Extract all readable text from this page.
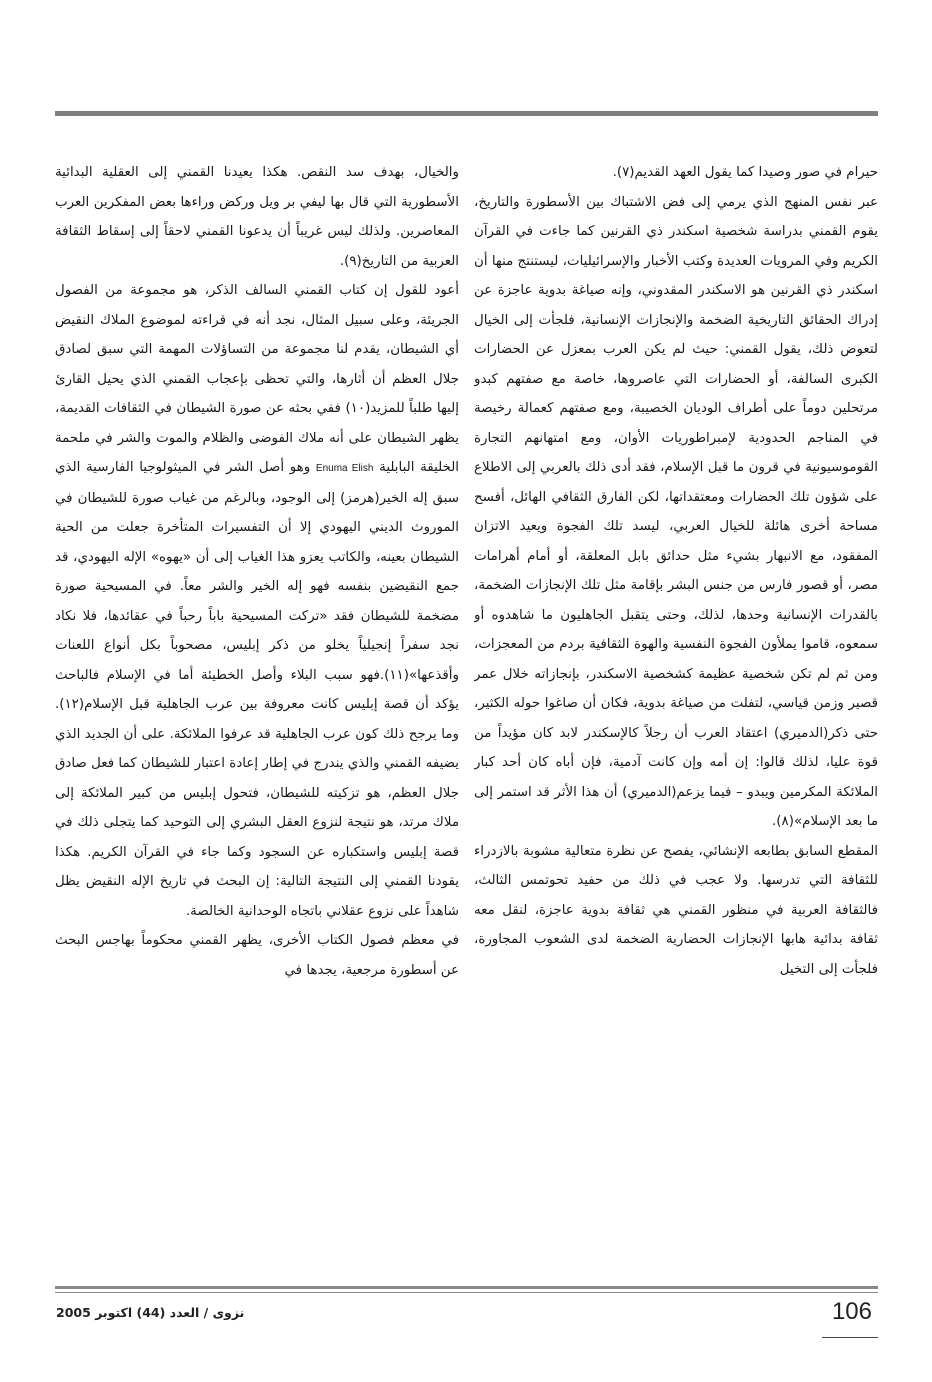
حيرام في صور وصيدا كما يقول العهد القديم(٧).

عبر نفس المنهج الذي يرمي إلى فض الاشتباك بين الأسطورة والتاريخ، يقوم القمني بدراسة شخصية اسكندر ذي القرنين كما جاءت في القرآن الكريم وفي المرويات العديدة وكتب الأخبار والإسرائيليات، ليستنتج منها أن اسكندر ذي القرنين هو الاسكندر المقدوني، وإنه صياغة بدوية عاجزة عن إدراك الحقائق التاريخية الضخمة والإنجازات الإنسانية، فلجأت إلى الخيال لتعوض ذلك، يقول القمني: حيث لم يكن العرب بمعزل عن الحضارات الكبرى السالفة، أو الحضارات التي عاصروها، خاصة مع صفتهم كبدو مرتحلين دوماً على أطراف الوديان الخصيبة، ومع صفتهم كعمالة رخيصة في المناجم الحدودية لإمبراطوريات الأوان، ومع امتهانهم التجارة القوموسيونية في قرون ما قبل الإسلام، فقد أدى ذلك بالعربي إلى الاطلاع على شؤون تلك الحضارات ومعتقداتها، لكن الفارق الثقافي الهائل، أفسح مساحة أخرى هائلة للخيال العربي، ليسد تلك الفجوة ويعيد الاتزان المفقود، مع الانبهار بشيء مثل حدائق بابل المعلقة، أو أمام أهرامات مصر، أو قصور فارس من جنس البشر بإقامة مثل تلك الإنجازات الضخمة، بالقدرات الإنسانية وحدها، لذلك، وحتى يتقبل الجاهليون ما شاهدوه أو سمعوه، قاموا يملأون الفجوة النفسية والهوة الثقافية بردم من المعجزات، ومن ثم لم تكن شخصية عظيمة كشخصية الاسكندر، بإنجازاته خلال عمر قصير وزمن قياسي، لتفلت من صياغة بدوية، فكان أن صاغوا حوله الكثير، حتى ذكر(الدميري) اعتقاد العرب أن رجلاً كالإسكندر لابد كان مؤيداً من قوة عليا، لذلك قالوا: إن أمه وإن كانت آدمية، فإن أباه كان أحد كبار الملائكة المكرمين ويبدو – فيما يزعم(الدميري) أن هذا الأثر قد استمر إلى ما بعد الإسلام»(٨).

المقطع السابق بطابعه الإنشائي، يفصح عن نظرة متعالية مشوبة بالازدراء للثقافة التي تدرسها. ولا عجب في ذلك من حفيد تحوتمس الثالث، فالثقافة العربية في منظور القمني هي ثقافة بدوية عاجزة، لنقل معه ثقافة بدائية هابها الإنجازات الحضارية الضخمة لدى الشعوب المجاورة، فلجأت إلى التخيل

والخيال، بهدف سد النقص. هكذا يعيدنا القمني إلى العقلية البدائية الأسطورية التي قال بها ليفي بر ويل وركض وراءها بعض المفكرين العرب المعاصرين. ولذلك ليس غريباً أن يدعونا القمني لاحقاً إلى إسقاط الثقافة العربية من التاريخ(٩).

أعود للقول إن كتاب القمني السالف الذكر، هو مجموعة من الفصول الجريئة، وعلى سبيل المثال، نجد أنه في قراءته لموضوع الملاك النقيض أي الشيطان، يقدم لنا مجموعة من التساؤلات المهمة التي سبق لصادق جلال العظم أن أثارها، والتي تحظى بإعجاب القمني الذي يحيل القارئ إليها طلباً للمزيد(١٠) ففي بحثه عن صورة الشيطان في الثقافات القديمة، يظهر الشيطان على أنه ملاك الفوضى والظلام والموت والشر في ملحمة الخليقة البابلية Enuma Elish وهو أصل الشر في الميثولوجيا الفارسية الذي سبق إله الخير(هرمز) إلى الوجود، وبالرغم من غياب صورة للشيطان في الموروث الديني اليهودي إلا أن التفسيرات المتأخرة جعلت من الحية الشيطان بعينه، والكاتب يعزو هذا الغياب إلى أن «يهوه» الإله اليهودي، قد جمع النقيضين بنفسه فهو إله الخير والشر معاً. في المسيحية صورة مضخمة للشيطان فقد «تركت المسيحية باباً رحباً في عقائدها، فلا نكاد نجد سفراً إنجيلياً يخلو من ذكر إبليس، مصحوباً بكل أنواع اللعنات وأقذعها»(١١).فهو سبب البلاء وأصل الخطيئة أما في الإسلام فالباحث يؤكد أن قصة إبليس كانت معروفة بين عرب الجاهلية قبل الإسلام(١٢). وما يرجح ذلك كون عرب الجاهلية قد عرفوا الملائكة. على أن الجديد الذي يضيفه القمني والذي يندرج في إطار إعادة اعتبار للشيطان كما فعل صادق جلال العظم، هو تزكيته للشيطان، فتحول إبليس من كبير الملائكة إلى ملاك مرتد، هو نتيجة لنزوع العقل البشري إلى التوحيد كما يتجلى ذلك في قصة إبليس واستكباره عن السجود وكما جاء في القرآن الكريم. هكذا يقودنا القمني إلى النتيجة التالية: إن البحث في تاريخ الإله النقيض يظل شاهداً على نزوع عقلاني باتجاه الوحدانية الخالصة.

في معظم فصول الكتاب الأخرى، يظهر القمني محكوماً بهاجس البحث عن أسطورة مرجعية، يجدها في

106
نزوى / العدد (44) اكتوبر 2005
